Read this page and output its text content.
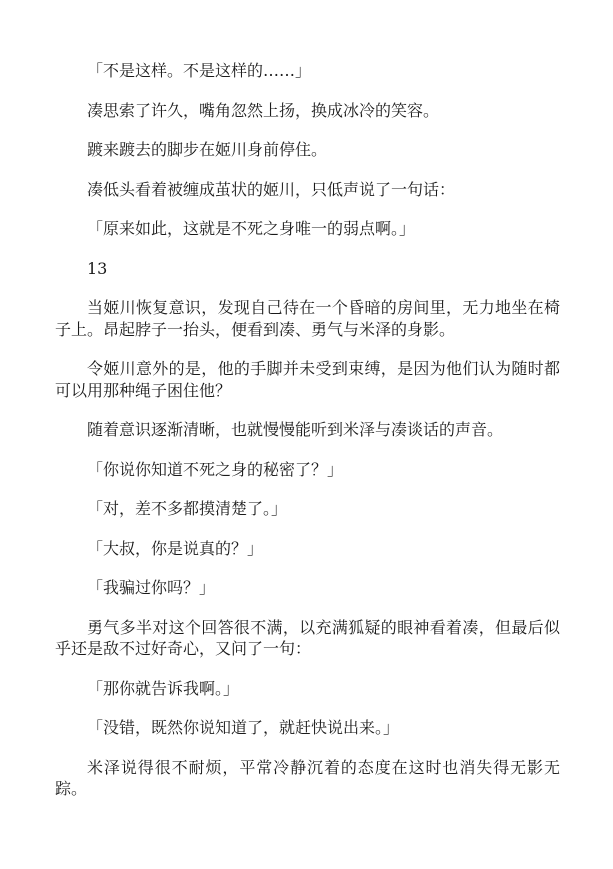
「不是这样。不是这样的……」

凑思索了许久，嘴角忽然上扬，换成冰冷的笑容。

踱来踱去的脚步在姬川身前停住。

凑低头看着被缠成茧状的姬川，只低声说了一句话：

「原来如此，这就是不死之身唯一的弱点啊。」

13

当姬川恢复意识，发现自己待在一个昏暗的房间里，无力地坐在椅子上。昂起脖子一抬头，便看到凑、勇气与米泽的身影。

令姬川意外的是，他的手脚并未受到束缚，是因为他们认为随时都可以用那种绳子困住他？

随着意识逐渐清晰，也就慢慢能听到米泽与凑谈话的声音。

「你说你知道不死之身的秘密了？」

「对，差不多都摸清楚了。」

「大叔，你是说真的？」

「我骗过你吗？」

勇气多半对这个回答很不满，以充满狐疑的眼神看着凑，但最后似乎还是敌不过好奇心，又问了一句：

「那你就告诉我啊。」

「没错，既然你说知道了，就赶快说出来。」

米泽说得很不耐烦，平常冷静沉着的态度在这时也消失得无影无踪。
